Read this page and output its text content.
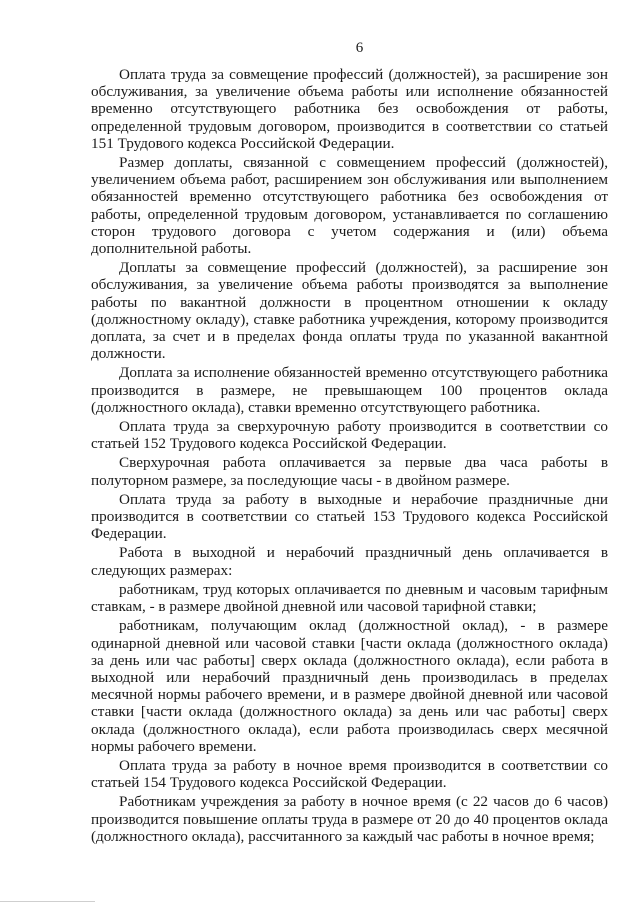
6

Оплата труда за совмещение профессий (должностей), за расширение зон обслуживания, за увеличение объема работы или исполнение обязанностей временно отсутствующего работника без освобождения от работы, определенной трудовым договором, производится в соответствии со статьей 151 Трудового кодекса Российской Федерации.

Размер доплаты, связанной с совмещением профессий (должностей), увеличением объема работ, расширением зон обслуживания или выполнением обязанностей временно отсутствующего работника без освобождения от работы, определенной трудовым договором, устанавливается по соглашению сторон трудового договора с учетом содержания и (или) объема дополнительной работы.

Доплаты за совмещение профессий (должностей), за расширение зон обслуживания, за увеличение объема работы производятся за выполнение работы по вакантной должности в процентном отношении к окладу (должностному окладу), ставке работника учреждения, которому производится доплата, за счет и в пределах фонда оплаты труда по указанной вакантной должности.

Доплата за исполнение обязанностей временно отсутствующего работника производится в размере, не превышающем 100 процентов оклада (должностного оклада), ставки временно отсутствующего работника.

Оплата труда за сверхурочную работу производится в соответствии со статьей 152 Трудового кодекса Российской Федерации.

Сверхурочная работа оплачивается за первые два часа работы в полуторном размере, за последующие часы - в двойном размере.

Оплата труда за работу в выходные и нерабочие праздничные дни производится в соответствии со статьей 153 Трудового кодекса Российской Федерации.

Работа в выходной и нерабочий праздничный день оплачивается в следующих размерах:

работникам, труд которых оплачивается по дневным и часовым тарифным ставкам, - в размере двойной дневной или часовой тарифной ставки;

работникам, получающим оклад (должностной оклад), - в размере одинарной дневной или часовой ставки [части оклада (должностного оклада) за день или час работы] сверх оклада (должностного оклада), если работа в выходной или нерабочий праздничный день производилась в пределах месячной нормы рабочего времени, и в размере двойной дневной или часовой ставки [части оклада (должностного оклада) за день или час работы] сверх оклада (должностного оклада), если работа производилась сверх месячной нормы рабочего времени.

Оплата труда за работу в ночное время производится в соответствии со статьей 154 Трудового кодекса Российской Федерации.

Работникам учреждения за работу в ночное время (с 22 часов до 6 часов) производится повышение оплаты труда в размере от 20 до 40 процентов оклада (должностного оклада), рассчитанного за каждый час работы в ночное время;
